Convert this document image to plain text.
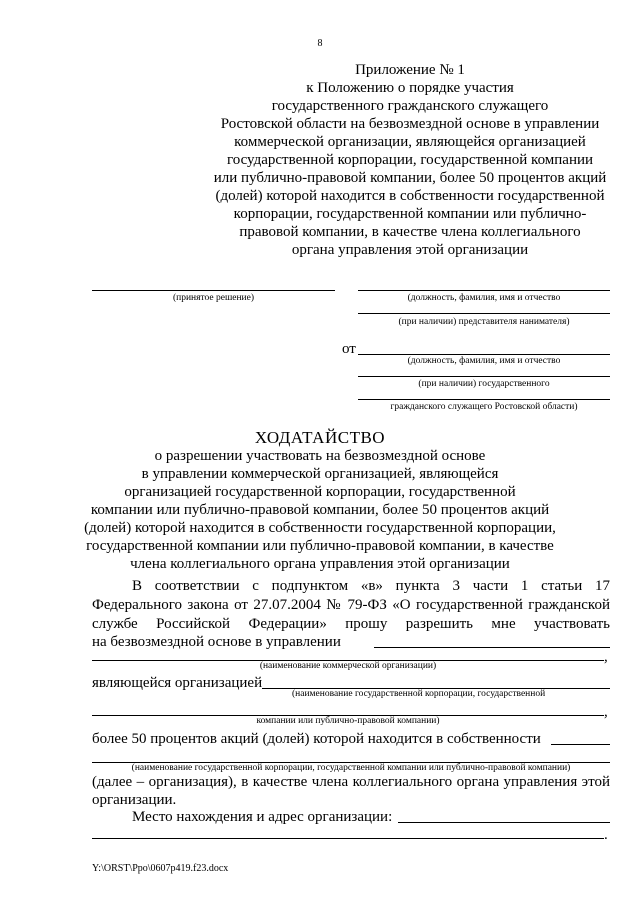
8
Приложение № 1
к Положению о порядке участия
государственного гражданского служащего
Ростовской области на безвозмездной основе в управлении
коммерческой организации, являющейся организацией
государственной корпорации, государственной компании
или публично-правовой компании, более 50 процентов акций
(долей) которой находится в собственности государственной
корпорации, государственной компании или публично-
правовой компании, в качестве члена коллегиального
органа управления этой организации
(принятое решение)	(должность, фамилия, имя и отчество
(при наличии) представителя нанимателя)
от
(должность, фамилия, имя и отчество
(при наличии) государственного
гражданского служащего Ростовской области)
ХОДАТАЙСТВО
о разрешении участвовать на безвозмездной основе
в управлении коммерческой организацией, являющейся
организацией государственной корпорации, государственной
компании или публично-правовой компании, более 50 процентов акций
(долей) которой находится в собственности государственной корпорации,
государственной компании или публично-правовой компании, в качестве
члена коллегиального органа управления этой организации
В соответствии с подпунктом «в» пункта 3 части 1 статьи 17
Федерального закона от 27.07.2004 № 79-ФЗ «О государственной гражданской
службе Российской Федерации» прошу разрешить мне участвовать
на безвозмездной основе в управлении
,
(наименование коммерческой организации)
являющейся организацией
(наименование государственной корпорации, государственной
,
компании или публично-правовой компании)
более 50 процентов акций (долей) которой находится в собственности
(наименование государственной корпорации, государственной компании или публично-правовой компании)
(далее – организация), в качестве члена коллегиального органа управления этой
организации.
Место нахождения и адрес организации:
.
Y:\ORST\Ppo\0607p419.f23.docx
